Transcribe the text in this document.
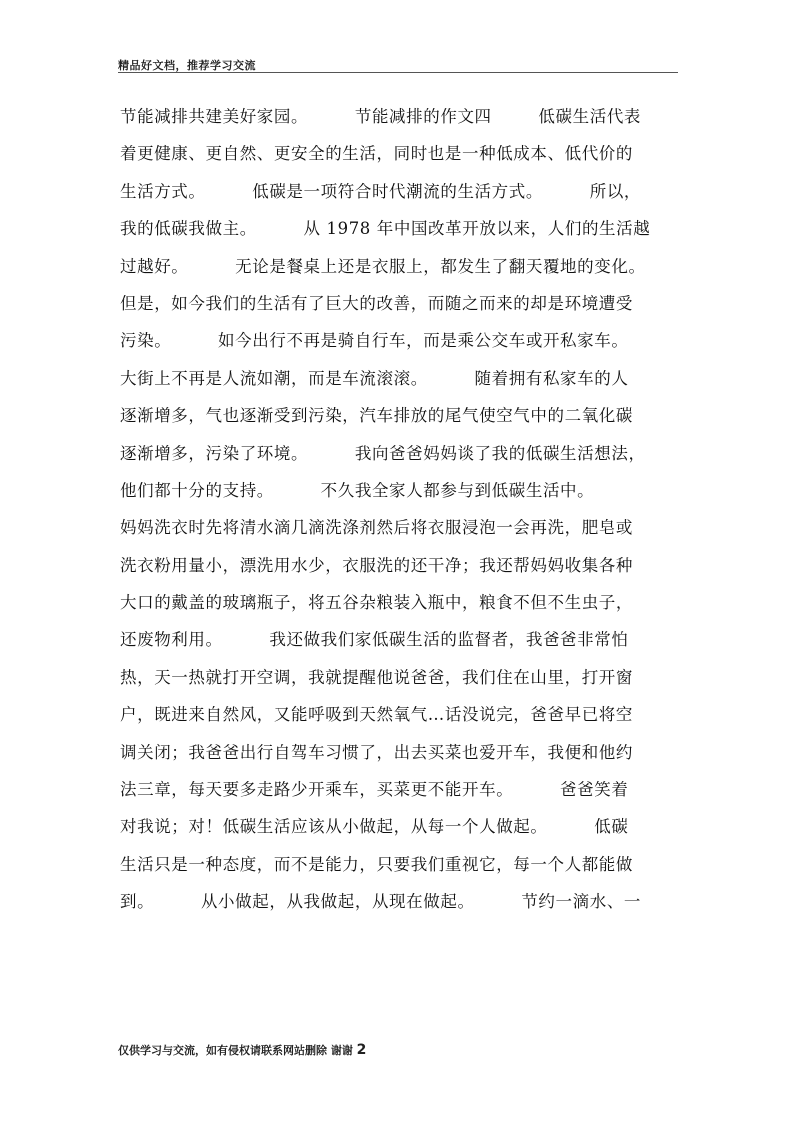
精品好文档，推荐学习交流
节能减排共建美好家园。        节能减排的作文四        低碳生活代表
着更健康、更自然、更安全的生活，同时也是一种低成本、低代价的
生活方式。        低碳是一项符合时代潮流的生活方式。        所以，
我的低碳我做主。        从 1978 年中国改革开放以来，人们的生活越
过越好。        无论是餐桌上还是衣服上，都发生了翻天覆地的变化。
但是，如今我们的生活有了巨大的改善，而随之而来的却是环境遭受
污染。        如今出行不再是骑自行车，而是乘公交车或开私家车。
大街上不再是人流如潮，而是车流滚滚。        随着拥有私家车的人
逐渐增多，气也逐渐受到污染，汽车排放的尾气使空气中的二氧化碳
逐渐增多，污染了环境。        我向爸爸妈妈谈了我的低碳生活想法，
他们都十分的支持。        不久我全家人都参与到低碳生活中。
妈妈洗衣时先将清水滴几滴洗涤剂然后将衣服浸泡一会再洗，肥皂或
洗衣粉用量小，漂洗用水少，衣服洗的还干净；我还帮妈妈收集各种
大口的戴盖的玻璃瓶子，将五谷杂粮装入瓶中，粮食不但不生虫子，
还废物利用。        我还做我们家低碳生活的监督者，我爸爸非常怕
热，天一热就打开空调，我就提醒他说爸爸，我们住在山里，打开窗
户，既进来自然风，又能呼吸到天然氧气…话没说完，爸爸早已将空
调关闭；我爸爸出行自驾车习惯了，出去买菜也爱开车，我便和他约
法三章，每天要多走路少开乘车，买菜更不能开车。        爸爸笑着
对我说；对！低碳生活应该从小做起，从每一个人做起。        低碳
生活只是一种态度，而不是能力，只要我们重视它，每一个人都能做
到。        从小做起，从我做起，从现在做起。        节约一滴水、一
仅供学习与交流，如有侵权请联系网站删除 谢谢 2
